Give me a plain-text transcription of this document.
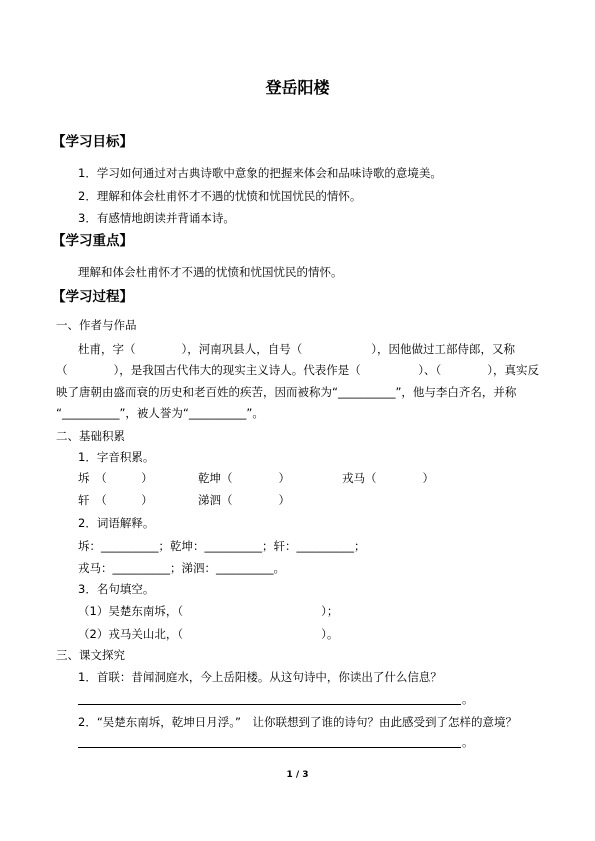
登岳阳楼
【学习目标】
1．学习如何通过对古典诗歌中意象的把握来体会和品味诗歌的意境美。
2．理解和体会杜甫怀才不遇的忧愤和忧国忧民的情怀。
3．有感情地朗读并背诵本诗。
【学习重点】
理解和体会杜甫怀才不遇的忧愤和忧国忧民的情怀。
【学习过程】
一、作者与作品
杜甫，字（　　　　），河南巩县人，自号（　　　　　　），因他做过工部侍郎，又称
（　　　　），是我国古代伟大的现实主义诗人。代表作是（　　　　　）、（　　　　），真实反
映了唐朝由盛而衰的历史和老百姓的疾苦，因而被称为“__________”，他与李白齐名，并称
“__________”，被人誉为“__________”。
二、基础积累
1．字音积累。
坼　（　　　）	乾坤（　　　　）	戎马（　　　　）
轩　（　　　）	涕泗（　　　　）
2．词语解释。
坼：__________；乾坤：__________；轩：__________；
戎马：__________；涕泗：__________。
3．名句填空。
（1）吴楚东南坼，（　　　　　　　　　　　　）；
（2）戎马关山北，（　　　　　　　　　　　　）。
三、课文探究
1．首联：昔闻洞庭水，今上岳阳楼。从这句诗中，你读出了什么信息？
。
2．“吴楚东南坼，乾坤日月浮。”　让你联想到了谁的诗句？由此感受到了怎样的意境？
。
1 / 3
